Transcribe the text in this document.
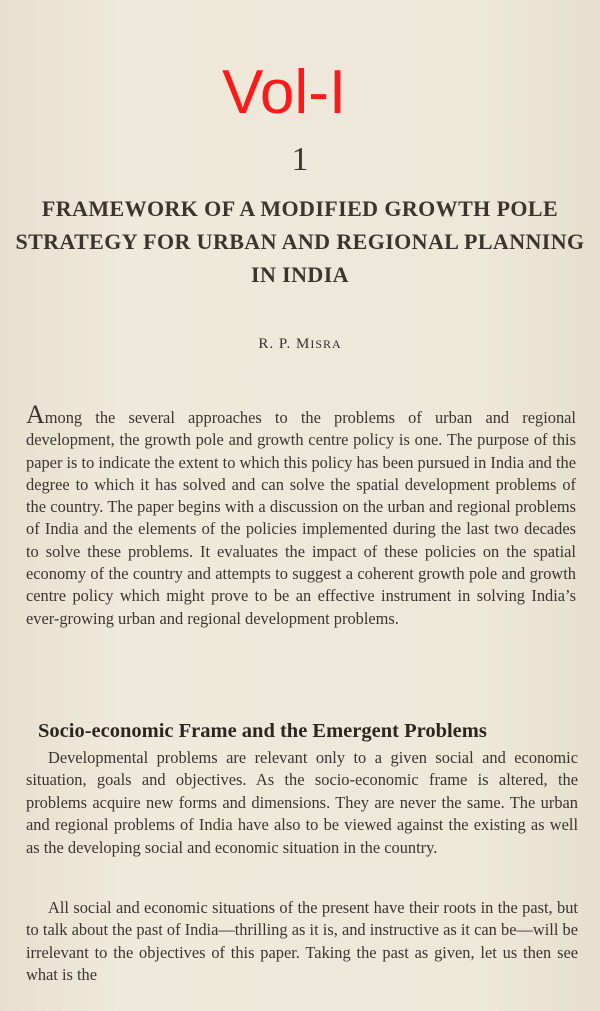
Vol-I
1
FRAMEWORK OF A MODIFIED GROWTH POLE STRATEGY FOR URBAN AND REGIONAL PLANNING IN INDIA
R. P. MISRA
Among the several approaches to the problems of urban and regional development, the growth pole and growth centre policy is one. The purpose of this paper is to indicate the extent to which this policy has been pursued in India and the degree to which it has solved and can solve the spatial development problems of the country. The paper begins with a discussion on the urban and regional problems of India and the elements of the policies implemented during the last two decades to solve these problems. It evaluates the impact of these policies on the spatial economy of the country and attempts to suggest a coherent growth pole and growth centre policy which might prove to be an effective instrument in solving India’s ever-growing urban and regional development problems.
Socio-economic Frame and the Emergent Problems
Developmental problems are relevant only to a given social and economic situation, goals and objectives. As the socio-economic frame is altered, the problems acquire new forms and dimensions. They are never the same. The urban and regional problems of India have also to be viewed against the existing as well as the developing social and economic situation in the country.
All social and economic situations of the present have their roots in the past, but to talk about the past of India—thrilling as it is, and instructive as it can be—will be irrelevant to the objectives of this paper. Taking the past as given, let us then see what is the
